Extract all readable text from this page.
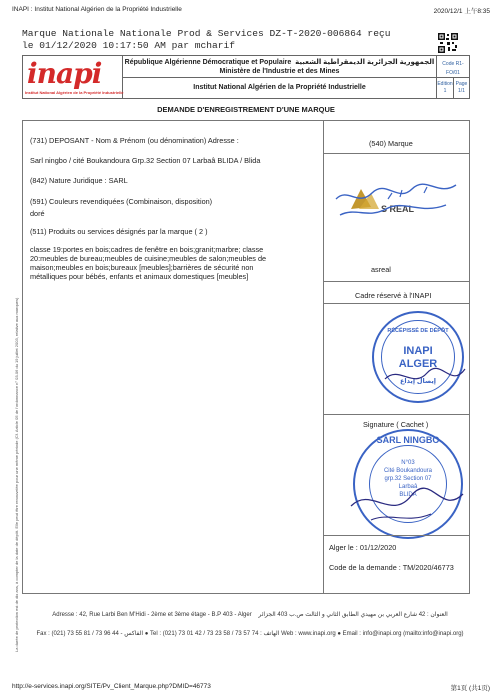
INAPI : Institut National Algérien de la Propriété Industrielle	2020/12/1 上午8:35
Marque Nationale Nationale Prod & Services DZ-T-2020-006864 reçu
le 01/12/2020 10:17:50 AM par mcharif
inapi
Institut National Algérien de la Propriété Industrielle
République Algérienne Démocratique et Populaire الجمهورية الجزائرية الديمقراطية الشعبية
Ministère de l'Industrie et des Mines
Institut National Algérien de la Propriété Industrielle
Code R1-FO/01
Edition
1
Page
1/1
DEMANDE D'ENREGISTREMENT D'UNE MARQUE
(731) DEPOSANT - Nom & Prénom (ou dénomination) Adresse :
Sarl ningbo / cité Boukandoura Grp.32 Section 07 Larbaâ BLIDA / Blida
(842) Nature Juridique : SARL
(591) Couleurs revendiquées (Combinaison, disposition)
doré
(511) Produits ou services désignés par la marque ( 2 )
classe 19:portes en bois;cadres de fenêtre en bois;granit;marbre; classe
20:meubles de bureau;meubles de cuisine;meubles de salon;meubles de
maison;meubles en bois;bureaux [meubles];barrières de sécurité non
métalliques pour bébés, enfants et animaux domestiques [meubles]
(540) Marque
S REAL
asreal
Cadre réservé à l'INAPI
RÉCÉPISSÉ DE DÉPÔT
INAPI
ALGER
إيصال إيداع
Signature ( Cachet )
SARL NINGBO
N°03
Cité Boukandoura
grp.32 Section 07
Larbaâ
BLIDA
Alger le : 01/12/2020
Code de la demande : TM/2020/46773
La durée de protection est de dix ans, à compter de la date de dépôt. Elle peut être renouvelée pour une même période (Cf. Article 05 de l'ordonnance n° 03-06 du 19 juillet 2003, relative aux marques)	Adresse : 42, Rue Larbi Ben M'Hidi - 2ème et 3ème étage - B.P 403 - Alger العنوان : 42 شارع العربي بن مهيدي الطابق الثاني و الثالث ص.ب 403 الجزائر
Fax : (021) 73 55 81 / 73 96 44 - الفاكس ● Tel : (021) 73 01 42 / 73 23 58 / 73 57 74 : الهاتف Web : www.inapi.org ● Email : info@inapi.org (mailto:info@inapi.org)
http://e-services.inapi.org/SITE/Pv_Client_Marque.php?DMID=46773	第1页 (共1页)
